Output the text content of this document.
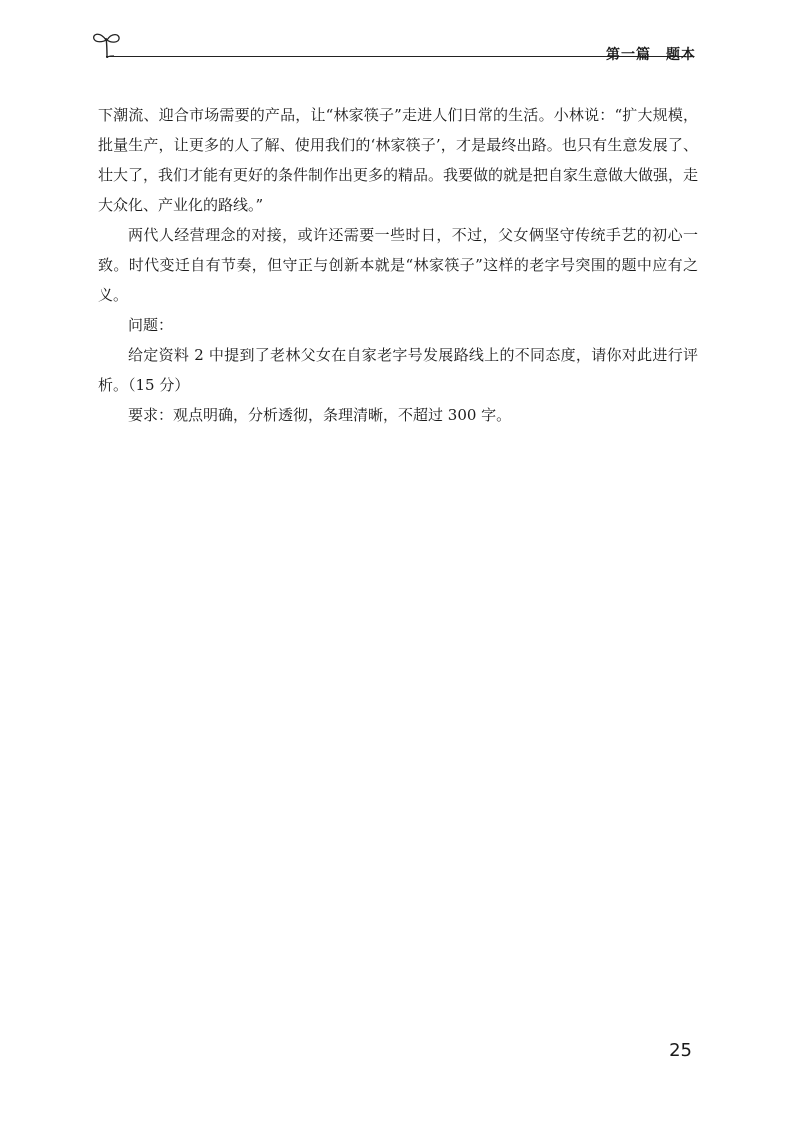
第一篇　题本

下潮流、迎合市场需要的产品，让“林家筷子”走进人们日常的生活。小林说：“扩大规模，批量生产，让更多的人了解、使用我们的‘林家筷子’，才是最终出路。也只有生意发展了、壮大了，我们才能有更好的条件制作出更多的精品。我要做的就是把自家生意做大做强，走大众化、产业化的路线。”

两代人经营理念的对接，或许还需要一些时日，不过，父女俩坚守传统手艺的初心一致。时代变迁自有节奏，但守正与创新本就是“林家筷子”这样的老字号突围的题中应有之义。

问题：

给定资料 2 中提到了老林父女在自家老字号发展路线上的不同态度，请你对此进行评析。（15 分）

要求：观点明确，分析透彻，条理清晰，不超过 300 字。

25
